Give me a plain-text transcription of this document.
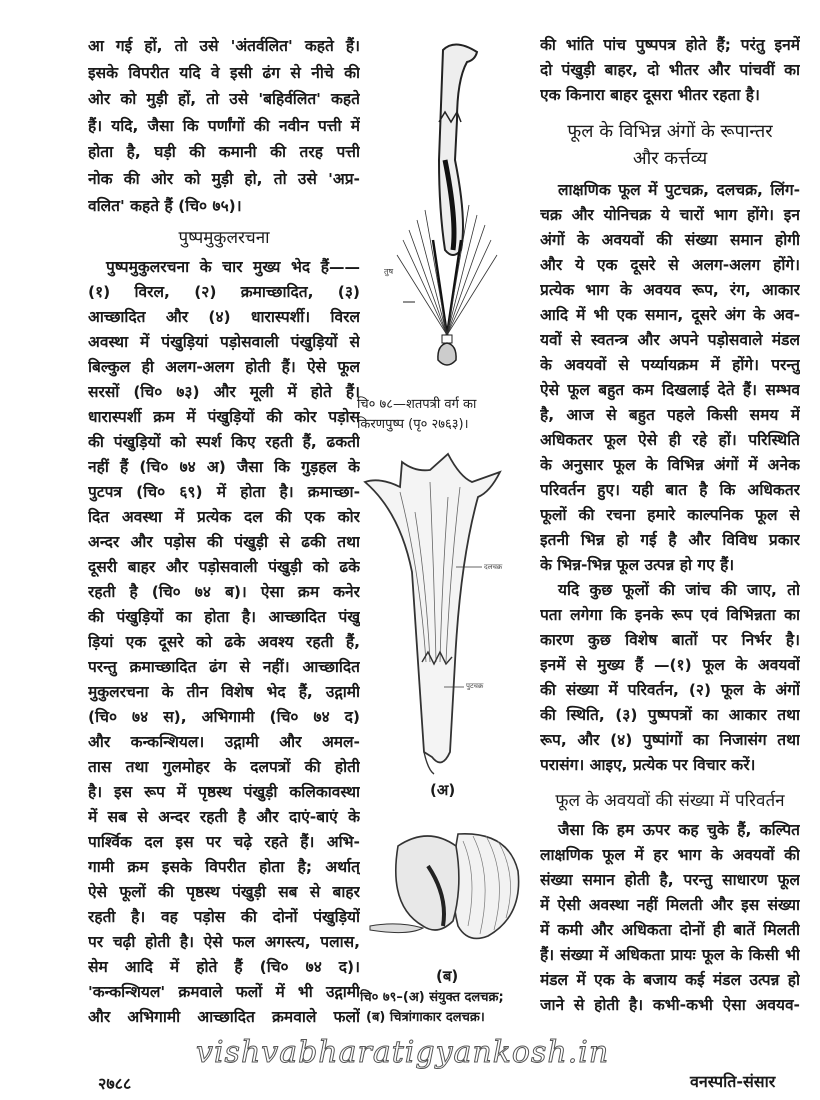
आ गई हों, तो उसे 'अंतर्वलित' कहते हैं।
इसके विपरीत यदि वे इसी ढंग से नीचे की
ओर को मुड़ी हों, तो उसे 'बहिर्वलित' कहते
हैं। यदि, जैसा कि पर्णांगों की नवीन पत्ती में
होता है, घड़ी की कमानी की तरह पत्ती
नोक की ओर को मुड़ी हो, तो उसे 'अप्र-
वलित' कहते हैं (चि० ७५)।
पुष्पमुकुलरचना
पुष्पमुकुलरचना के चार मुख्य भेद हैं——
(१) विरल, (२) क्रमाच्छादित, (३)
आच्छादित और (४) धारास्पर्शी। विरल
अवस्था में पंखुड़ियां पड़ोसवाली पंखुड़ियों से
बिल्कुल ही अलग-अलग होती हैं। ऐसे फूल
सरसों (चि० ७३) और मूली में होते हैं।
धारास्पर्शी क्रम में पंखुड़ियों की कोर पड़ोस
की पंखुड़ियों को स्पर्श किए रहती हैं, ढकती
नहीं हैं (चि० ७४ अ) जैसा कि गुड़हल के
पुटपत्र (चि० ६९) में होता है। क्रमाच्छा-
दित अवस्था में प्रत्येक दल की एक कोर
अन्दर और पड़ोस की पंखुड़ी से ढकी तथा
दूसरी बाहर और पड़ोसवाली पंखुड़ी को ढके
रहती है (चि० ७४ ब)। ऐसा क्रम कनेर
की पंखुड़ियों का होता है। आच्छादित पंखु
ड़ियां एक दूसरे को ढके अवश्य रहती हैं,
परन्तु क्रमाच्छादित ढंग से नहीं। आच्छादित
मुकुलरचना के तीन विशेष भेद हैं, उद्गामी
(चि० ७४ स), अभिगामी (चि० ७४ द)
और कन्कन्शियल। उद्गामी और अमल-
तास तथा गुलमोहर के दलपत्रों की होती
है। इस रूप में पृष्ठस्थ पंखुड़ी कलिकावस्था
में सब से अन्दर रहती है और दाएं-बाएं के
पार्श्विक दल इस पर चढ़े रहते हैं। अभि-
गामी क्रम इसके विपरीत होता है; अर्थात्
ऐसे फूलों की पृष्ठस्थ पंखुड़ी सब से बाहर
रहती है। वह पड़ोस की दोनों पंखुड़ियों
पर चढ़ी होती है। ऐसे फल अगस्त्य, पलास,
सेम आदि में होते हैं (चि० ७४ द)।
'कन्कन्शियल' क्रमवाले फलों में भी उद्गामी
और अभिगामी आच्छादित क्रमवाले फलों
तुष
चि० ७८—शतपत्री वर्ग का
किरणपुष्प (पृ० २७६३)।
दलचक्र
पुटचक्र
(अ)
(ब)
चि० ७९–(अ) संयुक्त दलचक्र;
(ब) चित्रांगाकार दलचक्र।
की भांति पांच पुष्पपत्र होते हैं; परंतु इनमें
दो पंखुड़ी बाहर, दो भीतर और पांचवीं का
एक किनारा बाहर दूसरा भीतर रहता है।
फूल के विभिन्न अंगों के रूपान्तर
और कर्त्तव्य
लाक्षणिक फूल में पुटचक्र, दलचक्र, लिंग-
चक्र और योनिचक्र ये चारों भाग होंगे। इन
अंगों के अवयवों की संख्या समान होगी
और ये एक दूसरे से अलग-अलग होंगे।
प्रत्येक भाग के अवयव रूप, रंग, आकार
आदि में भी एक समान, दूसरे अंग के अव-
यवों से स्वतन्त्र और अपने पड़ोसवाले मंडल
के अवयवों से पर्य्यायक्रम में होंगे। परन्तु
ऐसे फूल बहुत कम दिखलाई देते हैं। सम्भव
है, आज से बहुत पहले किसी समय में
अधिकतर फूल ऐसे ही रहे हों। परिस्थिति
के अनुसार फूल के विभिन्न अंगों में अनेक
परिवर्तन हुए। यही बात है कि अधिकतर
फूलों की रचना हमारे काल्पनिक फूल से
इतनी भिन्न हो गई है और विविध प्रकार
के भिन्न-भिन्न फूल उत्पन्न हो गए हैं।
यदि कुछ फूलों की जांच की जाए, तो
पता लगेगा कि इनके रूप एवं विभिन्नता का
कारण कुछ विशेष बातों पर निर्भर है।
इनमें से मुख्य हैं —(१) फूल के अवयवों
की संख्या में परिवर्तन, (२) फूल के अंगों
की स्थिति, (३) पुष्पपत्रों का आकार तथा
रूप, और (४) पुष्पांगों का निजासंग तथा
परासंग। आइए, प्रत्येक पर विचार करें।
फूल के अवयवों की संख्या में परिवर्तन
जैसा कि हम ऊपर कह चुके हैं, कल्पित
लाक्षणिक फूल में हर भाग के अवयवों की
संख्या समान होती है, परन्तु साधारण फूल
में ऐसी अवस्था नहीं मिलती और इस संख्या
में कमी और अधिकता दोनों ही बातें मिलती
हैं। संख्या में अधिकता प्रायः फूल के किसी भी
मंडल में एक के बजाय कई मंडल उत्पन्न हो
जाने से होती है। कभी-कभी ऐसा अवयव-
vishvabharatigyankosh.in
२७८८	वनस्पति-संसार
